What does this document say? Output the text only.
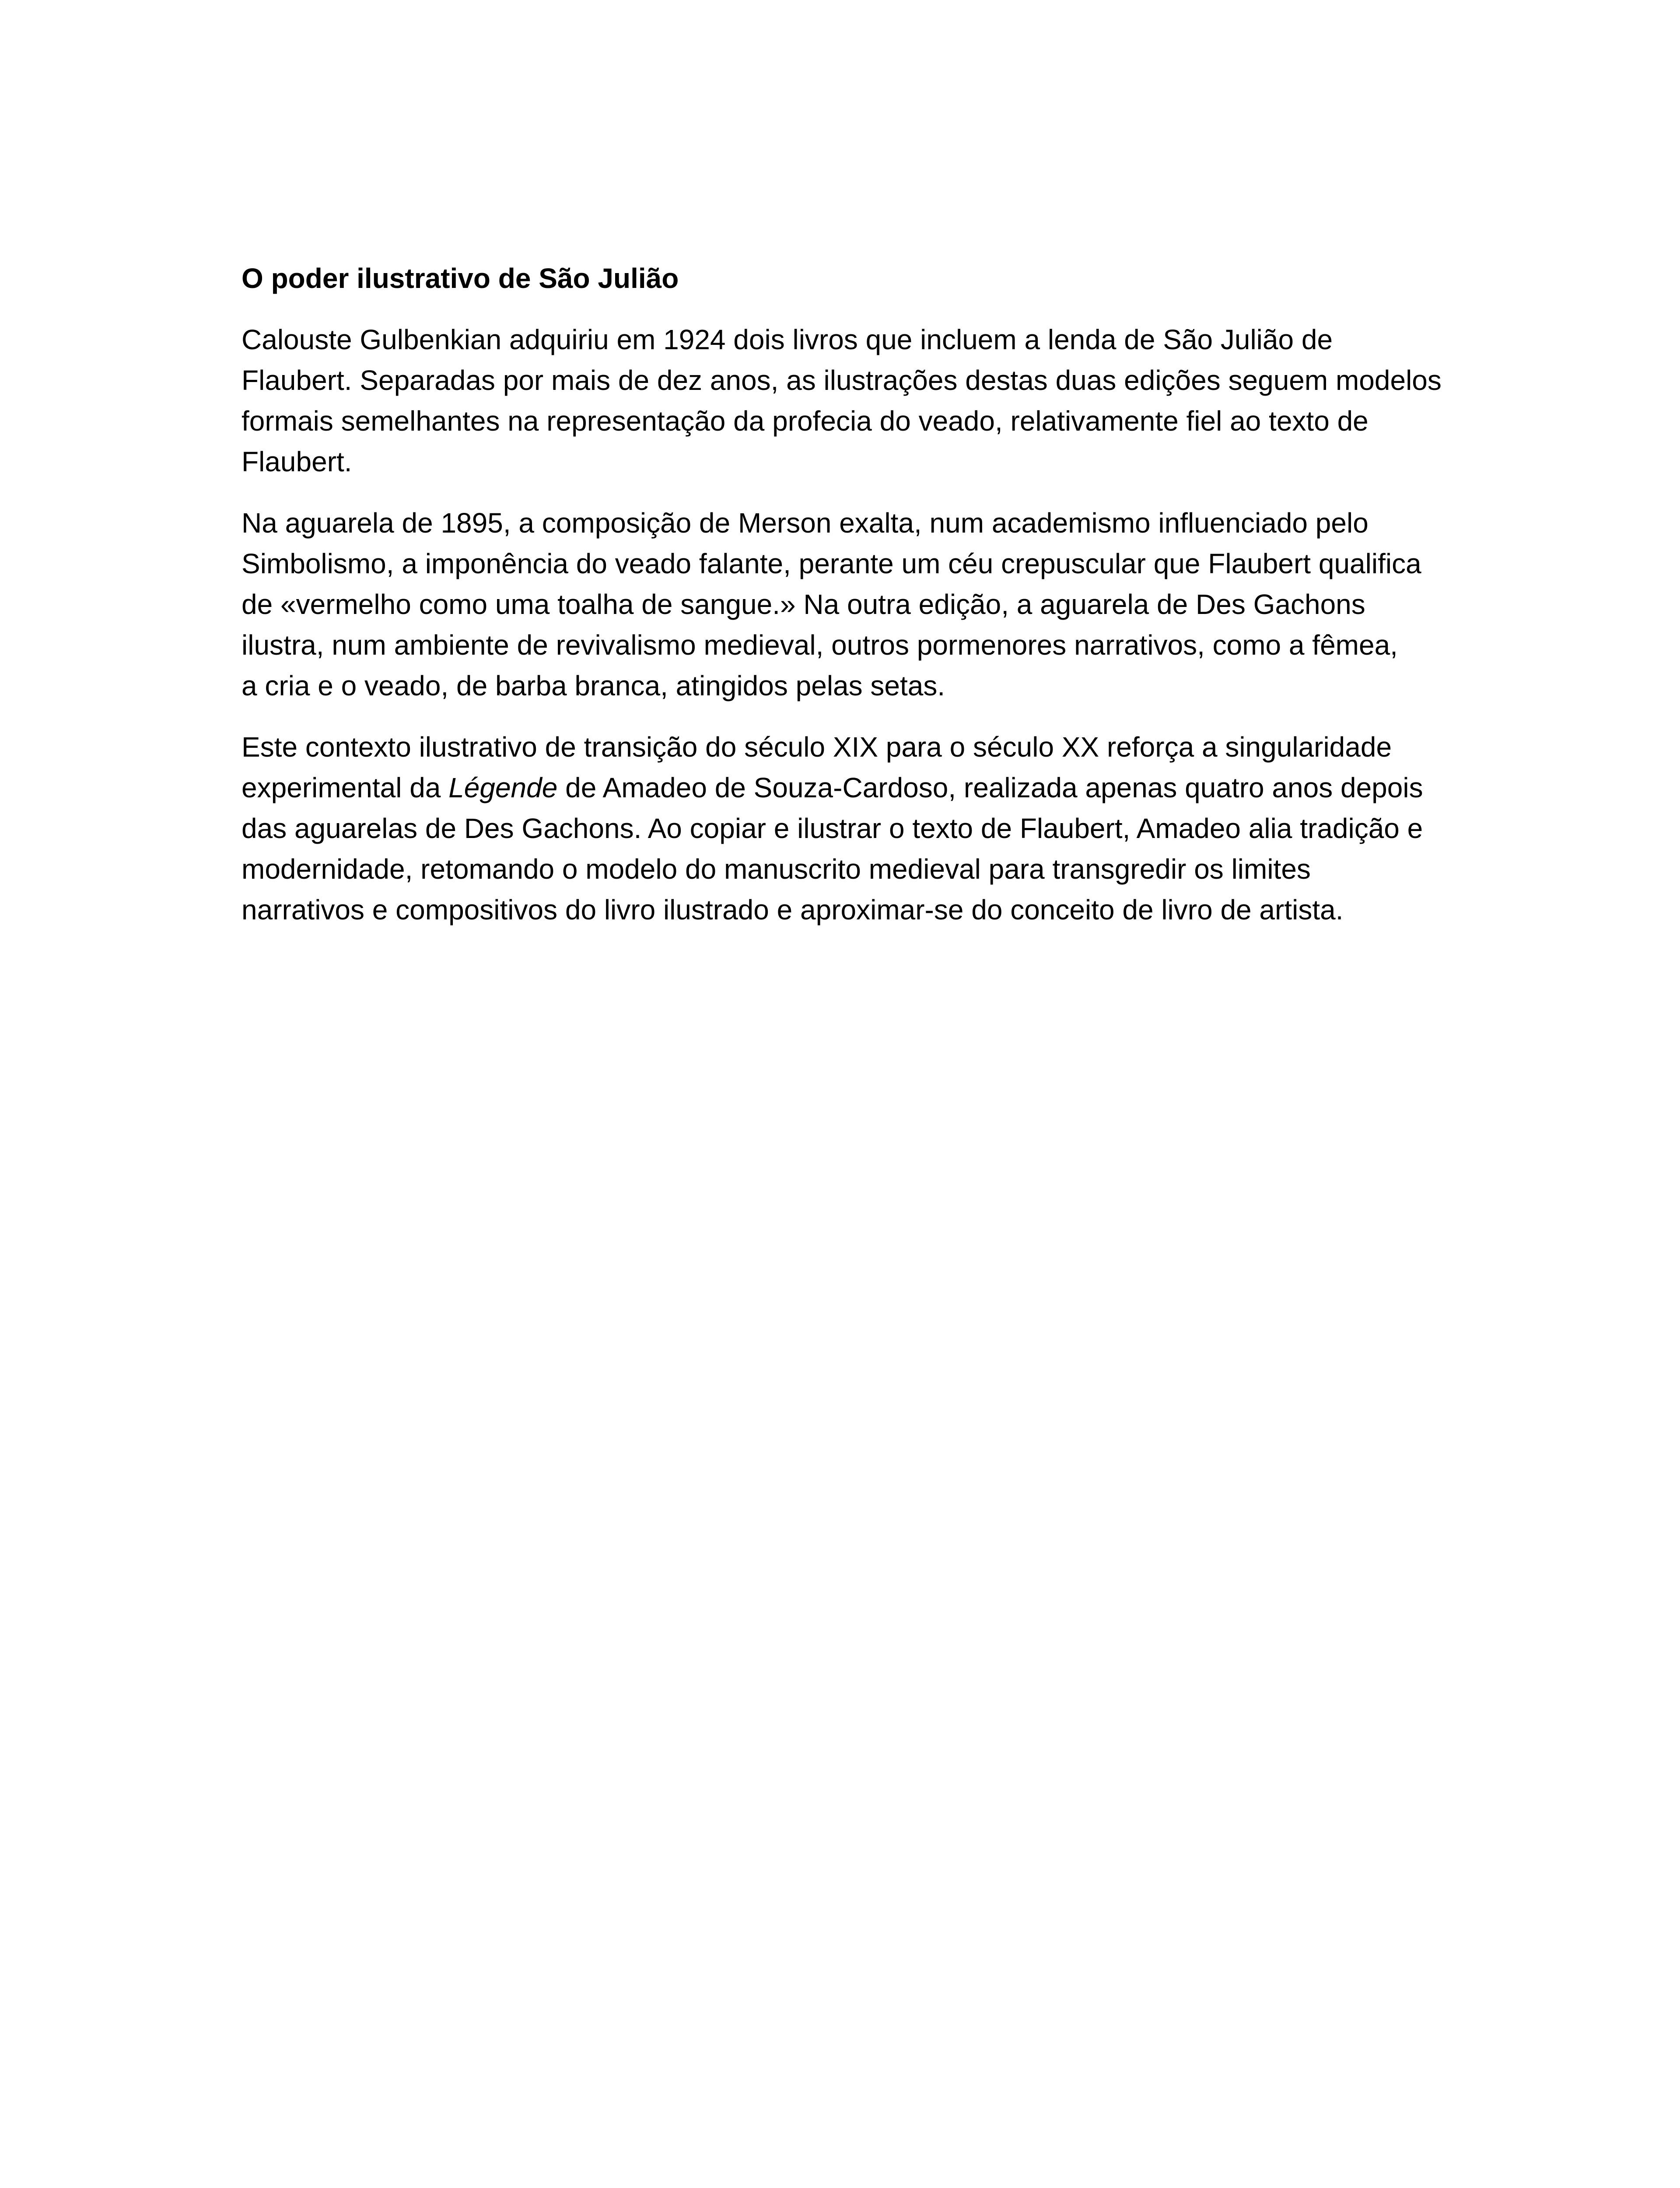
O poder ilustrativo de São Julião
Calouste Gulbenkian adquiriu em 1924 dois livros que incluem a lenda de São Julião de
Flaubert. Separadas por mais de dez anos, as ilustrações destas duas edições seguem modelos
formais semelhantes na representação da profecia do veado, relativamente fiel ao texto de
Flaubert.
Na aguarela de 1895, a composição de Merson exalta, num academismo influenciado pelo
Simbolismo, a imponência do veado falante, perante um céu crepuscular que Flaubert qualifica
de «vermelho como uma toalha de sangue.» Na outra edição, a aguarela de Des Gachons
ilustra, num ambiente de revivalismo medieval, outros pormenores narrativos, como a fêmea,
a cria e o veado, de barba branca, atingidos pelas setas.
Este contexto ilustrativo de transição do século XIX para o século XX reforça a singularidade
experimental da Légende de Amadeo de Souza-Cardoso, realizada apenas quatro anos depois
das aguarelas de Des Gachons. Ao copiar e ilustrar o texto de Flaubert, Amadeo alia tradição e
modernidade, retomando o modelo do manuscrito medieval para transgredir os limites
narrativos e compositivos do livro ilustrado e aproximar-se do conceito de livro de artista.
